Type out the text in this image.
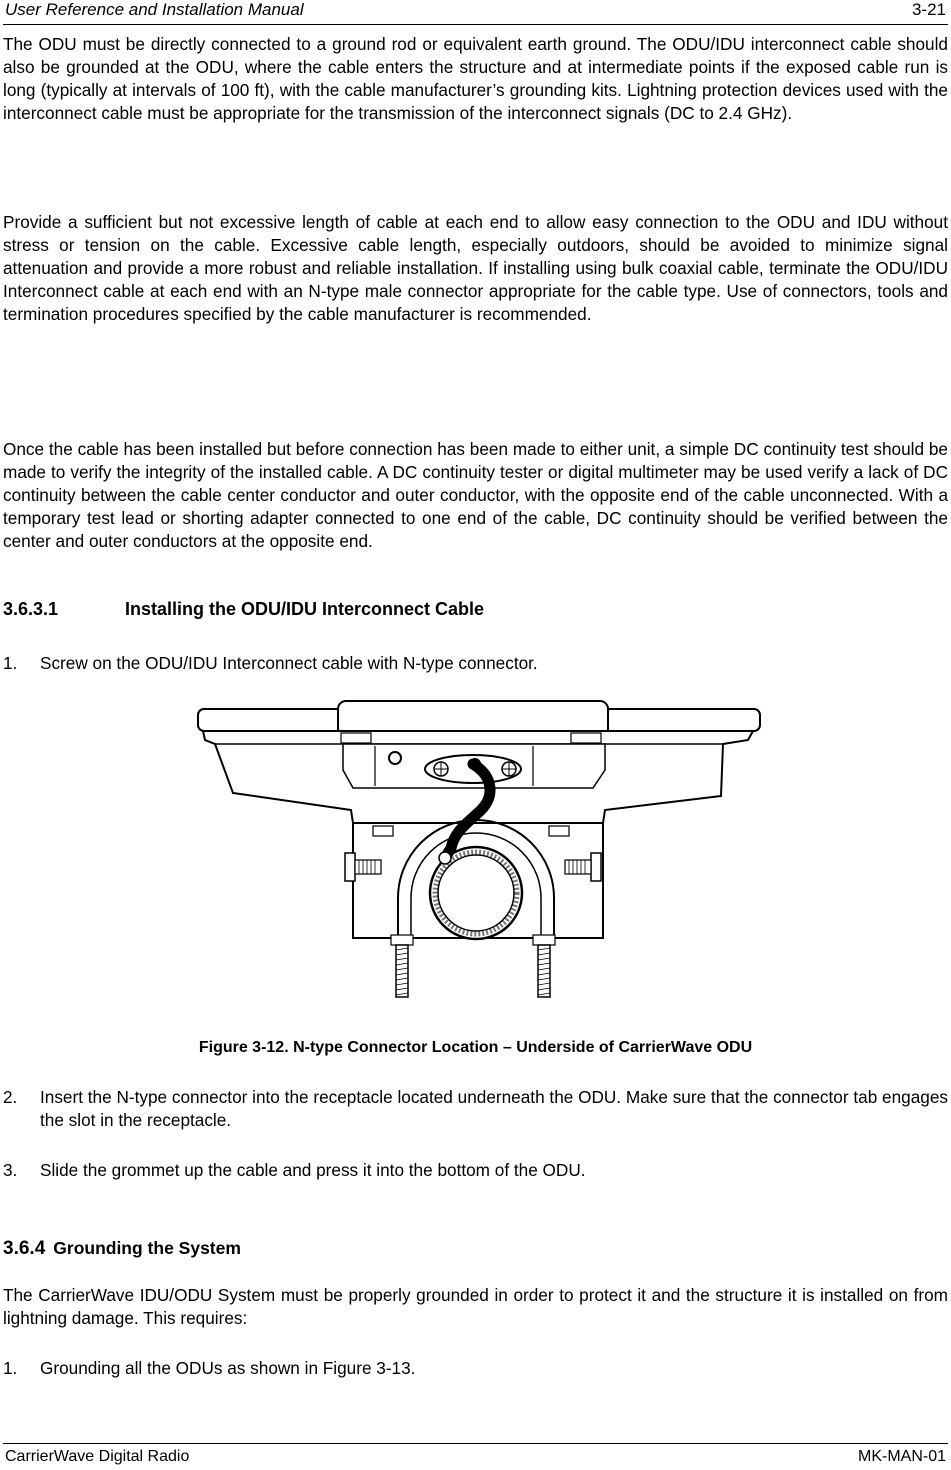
User Reference and Installation Manual	3-21

The ODU must be directly connected to a ground rod or equivalent earth ground. The ODU/IDU interconnect cable should also be grounded at the ODU, where the cable enters the structure and at intermediate points if the exposed cable run is long (typically at intervals of 100 ft), with the cable manufacturer’s grounding kits. Lightning protection devices used with the interconnect cable must be appropriate for the transmission of the interconnect signals (DC to 2.4 GHz).

Provide a sufficient but not excessive length of cable at each end to allow easy connection to the ODU and IDU without stress or tension on the cable. Excessive cable length, especially outdoors, should be avoided to minimize signal attenuation and provide a more robust and reliable installation. If installing using bulk coaxial cable, terminate the ODU/IDU Interconnect cable at each end with an N-type male connector appropriate for the cable type. Use of connectors, tools and termination procedures specified by the cable manufacturer is recommended.

Once the cable has been installed but before connection has been made to either unit, a simple DC continuity test should be made to verify the integrity of the installed cable. A DC continuity tester or digital multimeter may be used verify a lack of DC continuity between the cable center conductor and outer conductor, with the opposite end of the cable unconnected. With a temporary test lead or shorting adapter connected to one end of the cable, DC continuity should be verified between the center and outer conductors at the opposite end.

3.6.3.1	Installing the ODU/IDU Interconnect Cable
1. Screw on the ODU/IDU Interconnect cable with N-type connector.
Figure 3-12. N-type Connector Location – Underside of CarrierWave ODU
2. Insert the N-type connector into the receptacle located underneath the ODU. Make sure that the connector tab engages the slot in the receptacle.
3. Slide the grommet up the cable and press it into the bottom of the ODU.
3.6.4 Grounding the System

The CarrierWave IDU/ODU System must be properly grounded in order to protect it and the structure it is installed on from lightning damage. This requires:

1. Grounding all the ODUs as shown in Figure 3-13.
CarrierWave Digital Radio	MK-MAN-01
